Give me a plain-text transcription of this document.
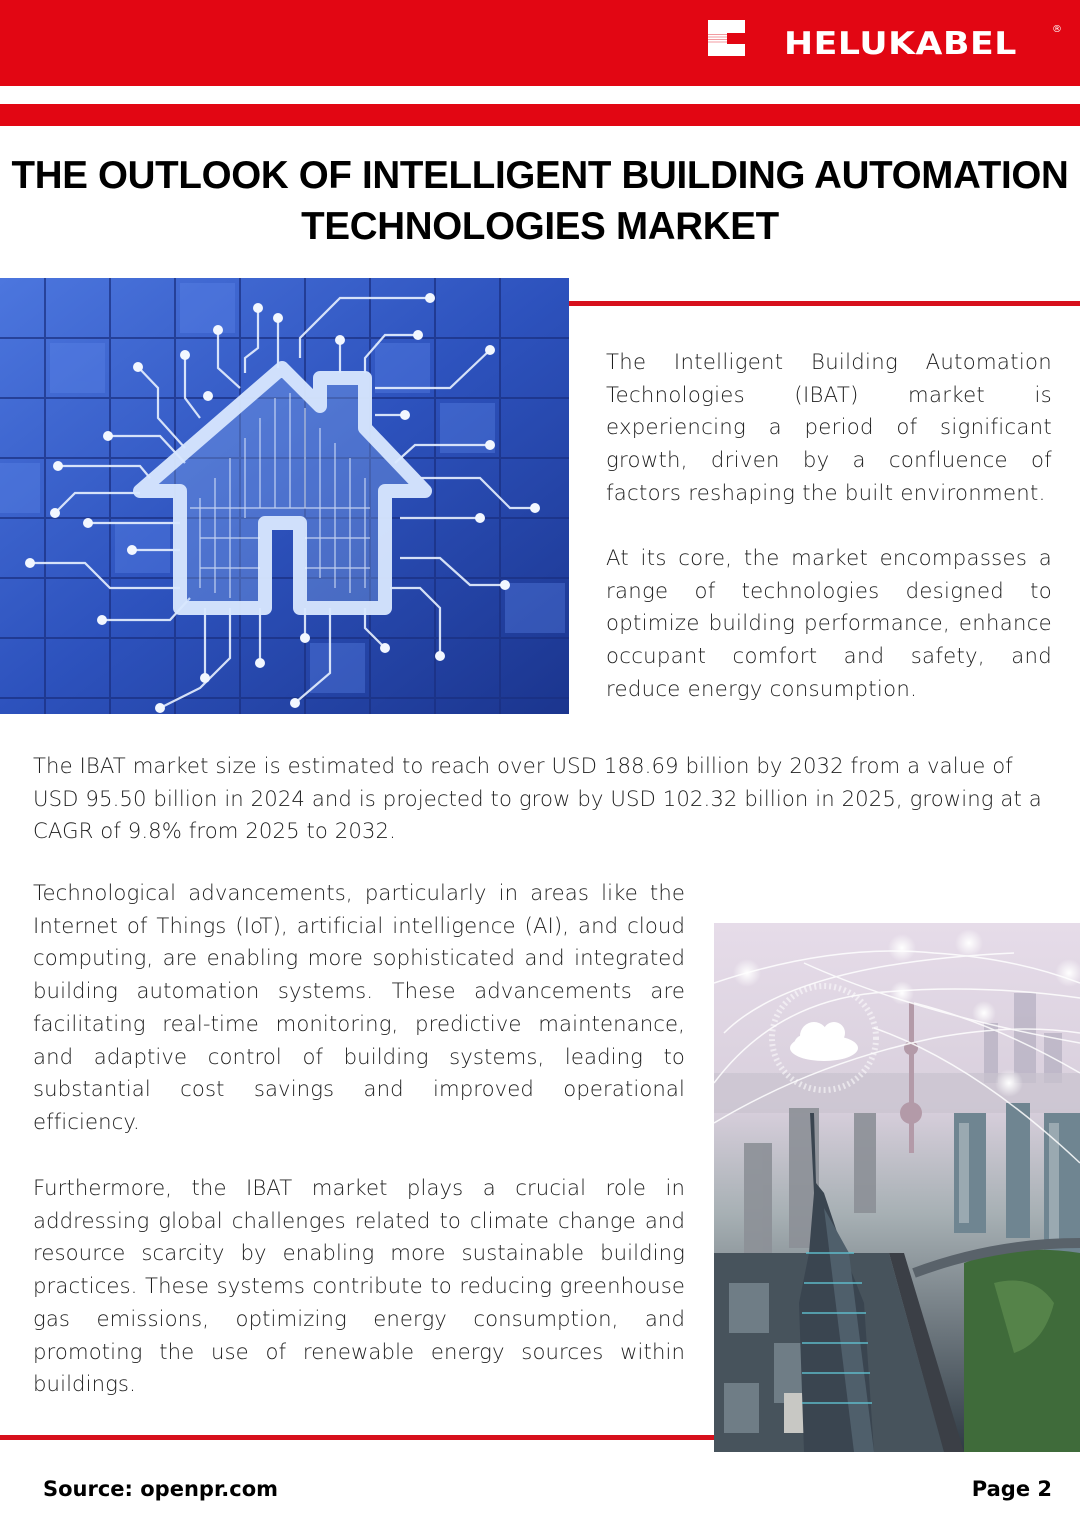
HELUKABEL	®
THE OUTLOOK OF INTELLIGENT BUILDING AUTOMATION
TECHNOLOGIES MARKET

The Intelligent Building Automation Technologies (IBAT) market is experiencing a period of significant growth, driven by a confluence of factors reshaping the built environment.

At its core, the market encompasses a range of technologies designed to optimize building performance, enhance occupant comfort and safety, and reduce energy consumption.

The IBAT market size is estimated to reach over USD 188.69 billion by 2032 from a value of USD 95.50 billion in 2024 and is projected to grow by USD 102.32 billion in 2025, growing at a CAGR of 9.8% from 2025 to 2032.

Technological advancements, particularly in areas like the Internet of Things (IoT), artificial intelligence (AI), and cloud computing, are enabling more sophisticated and integrated building automation systems. These advancements are facilitating real-time monitoring, predictive maintenance, and adaptive control of building systems, leading to substantial cost savings and improved operational efficiency.

Furthermore, the IBAT market plays a crucial role in addressing global challenges related to climate change and resource scarcity by enabling more sustainable building practices. These systems contribute to reducing greenhouse gas emissions, optimizing energy consumption, and promoting the use of renewable energy sources within buildings.

Source: openpr.com	Page 2
